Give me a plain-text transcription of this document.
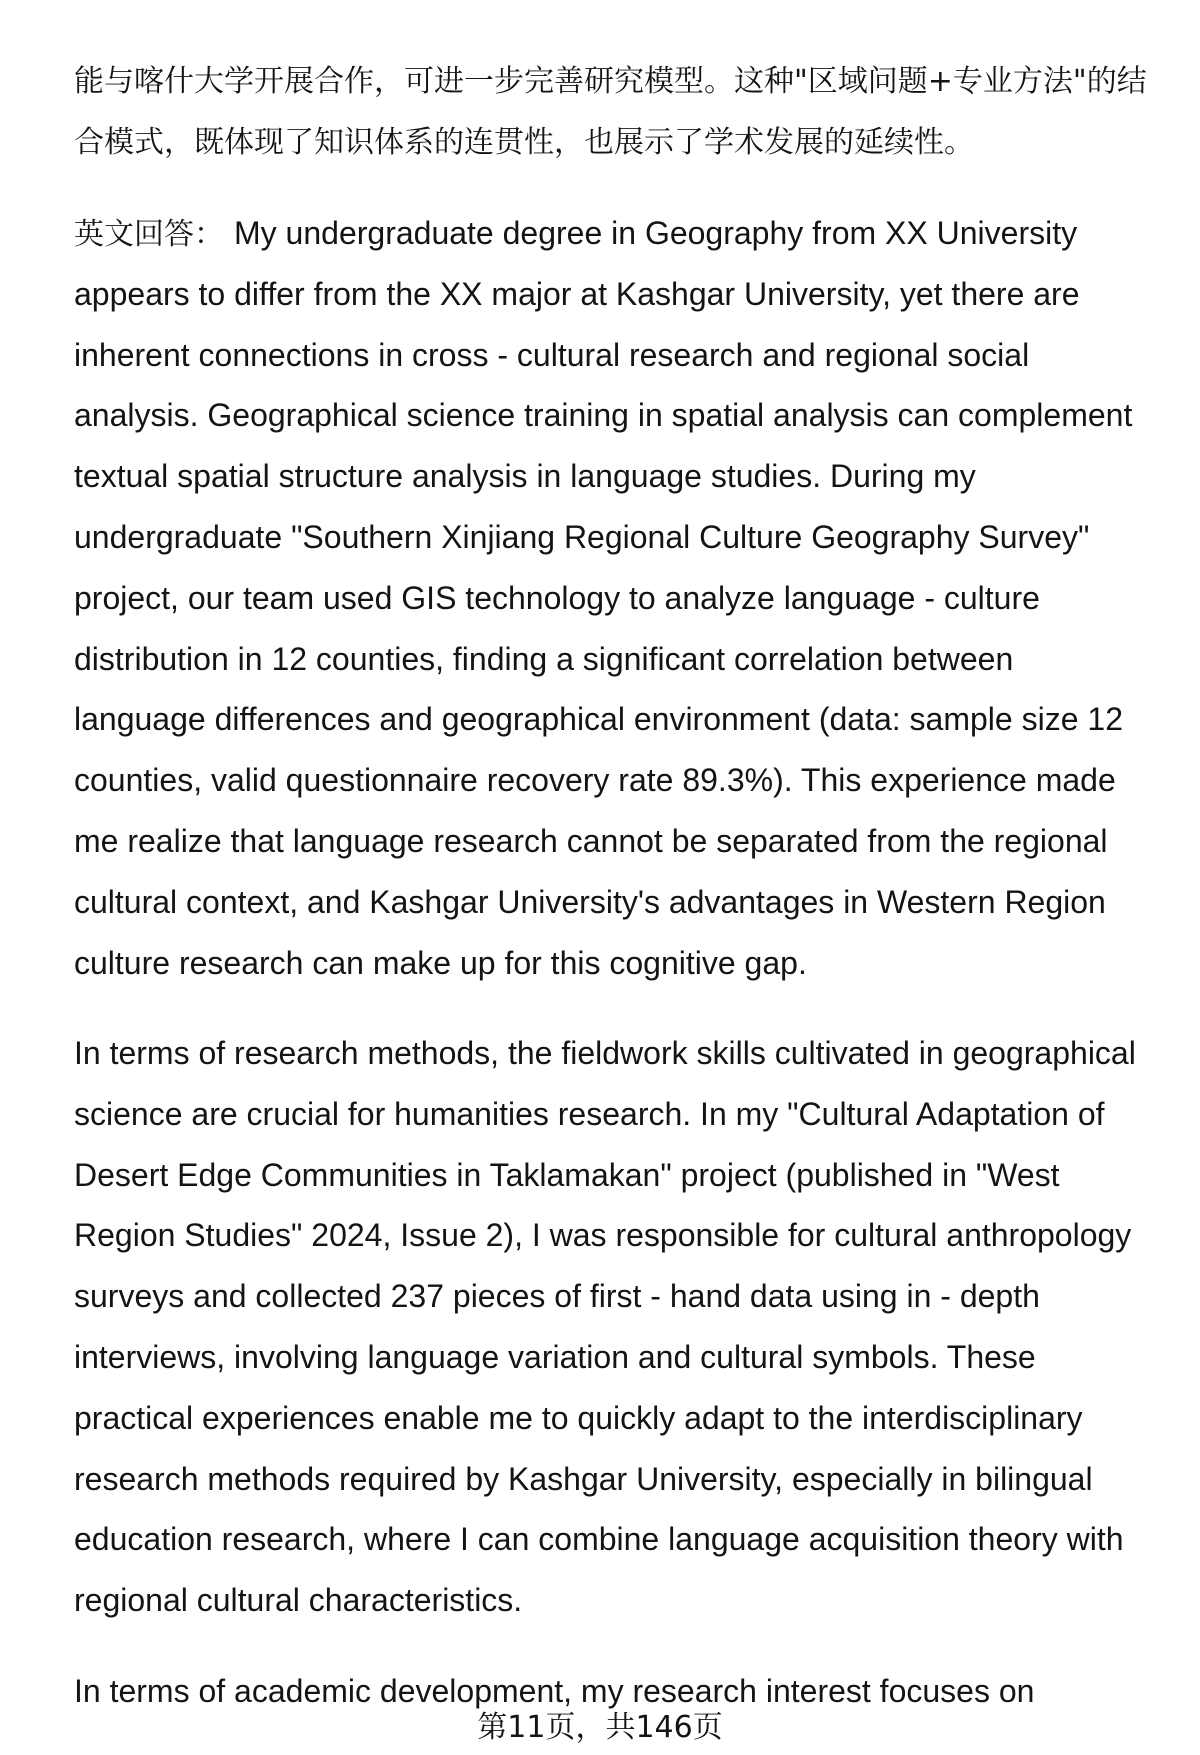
能与喀什大学开展合作，可进一步完善研究模型。这种"区域问题+专业方法"的结
合模式，既体现了知识体系的连贯性，也展示了学术发展的延续性。
英文回答： My undergraduate degree in Geography from XX University
appears to differ from the XX major at Kashgar University, yet there are
inherent connections in cross - cultural research and regional social
analysis. Geographical science training in spatial analysis can complement
textual spatial structure analysis in language studies. During my
undergraduate "Southern Xinjiang Regional Culture Geography Survey"
project, our team used GIS technology to analyze language - culture
distribution in 12 counties, finding a significant correlation between
language differences and geographical environment (data: sample size 12
counties, valid questionnaire recovery rate 89.3%). This experience made
me realize that language research cannot be separated from the regional
cultural context, and Kashgar University's advantages in Western Region
culture research can make up for this cognitive gap.
In terms of research methods, the fieldwork skills cultivated in geographical
science are crucial for humanities research. In my "Cultural Adaptation of
Desert Edge Communities in Taklamakan" project (published in "West
Region Studies" 2024, Issue 2), I was responsible for cultural anthropology
surveys and collected 237 pieces of first - hand data using in - depth
interviews, involving language variation and cultural symbols. These
practical experiences enable me to quickly adapt to the interdisciplinary
research methods required by Kashgar University, especially in bilingual
education research, where I can combine language acquisition theory with
regional cultural characteristics.
In terms of academic development, my research interest focuses on
第11页，共146页
